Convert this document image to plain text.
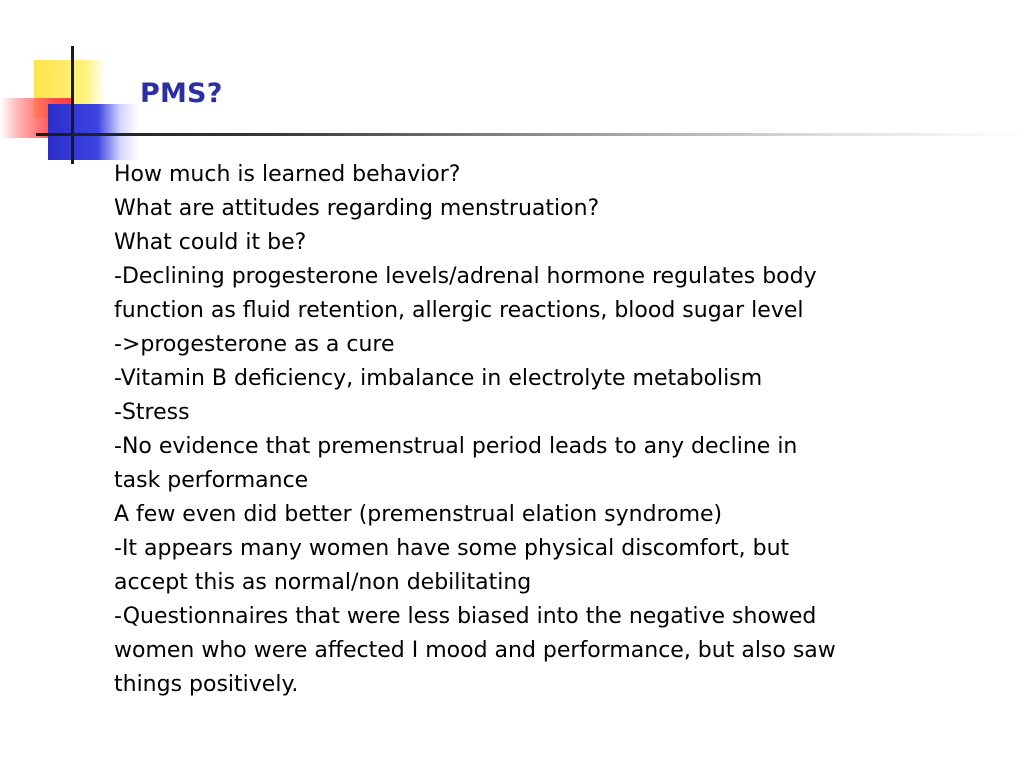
PMS?
How much is learned behavior?
What are attitudes regarding menstruation?
What could it be?
-Declining progesterone levels/adrenal hormone regulates body
function as fluid retention, allergic reactions, blood sugar level
->progesterone as a cure
-Vitamin B deficiency, imbalance in electrolyte metabolism
-Stress
-No evidence that premenstrual period leads to any decline in
task performance
A few even did better (premenstrual elation syndrome)
-It appears many women have some physical discomfort, but
accept this as normal/non debilitating
-Questionnaires that were less biased into the negative showed
women who were affected I mood and performance, but also saw
things positively.
